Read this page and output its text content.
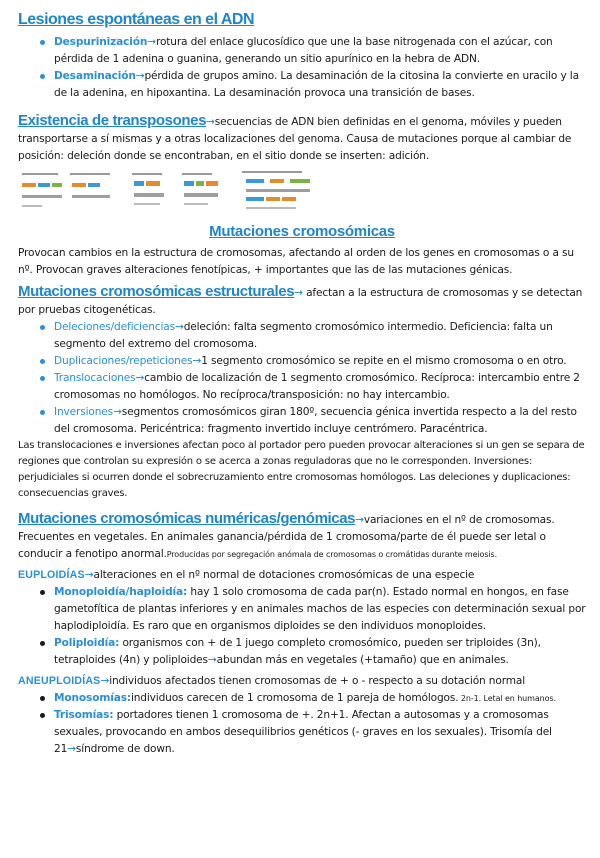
Lesiones espontáneas en el ADN
Despurinización→rotura del enlace glucosídico que une la base nitrogenada con el azúcar, con pérdida de 1 adenina o guanina, generando un sitio apurínico en la hebra de ADN.
Desaminación→pérdida de grupos amino. La desaminación de la citosina la convierte en uracilo y la de la adenina, en hipoxantina. La desaminación provoca una transición de bases.

Existencia de transposones→secuencias de ADN bien definidas en el genoma, móviles y pueden transportarse a sí mismas y a otras localizaciones del genoma. Causa de mutaciones porque al cambiar de posición: deleción donde se encontraban, en el sitio donde se inserten: adición.

Mutaciones cromosómicas

Provocan cambios en la estructura de cromosomas, afectando al orden de los genes en cromosomas o a su nº. Provocan graves alteraciones fenotípicas, + importantes que las de las mutaciones génicas.

Mutaciones cromosómicas estructurales→ afectan a la estructura de cromosomas y se detectan por pruebas citogenéticas.

Deleciones/deficiencias→deleción: falta segmento cromosómico intermedio. Deficiencia: falta un segmento del extremo del cromosoma.
Duplicaciones/repeticiones→1 segmento cromosómico se repite en el mismo cromosoma o en otro.
Translocaciones→cambio de localización de 1 segmento cromosómico. Recíproca: intercambio entre 2 cromosomas no homólogos. No recíproca/transposición: no hay intercambio.
Inversiones→segmentos cromosómicos giran 180º, secuencia génica invertida respecto a la del resto del cromosoma. Pericéntrica: fragmento invertido incluye centrómero. Paracéntrica.

Las translocaciones e inversiones afectan poco al portador pero pueden provocar alteraciones si un gen se separa de regiones que controlan su expresión o se acerca a zonas reguladoras que no le corresponden. Inversiones: perjudiciales si ocurren donde el sobrecruzamiento entre cromosomas homólogos. Las deleciones y duplicaciones: consecuencias graves.

Mutaciones cromosómicas numéricas/genómicas→variaciones en el nº de cromosomas.

Frecuentes en vegetales. En animales ganancia/pérdida de 1 cromosoma/parte de él puede ser letal o conducir a fenotipo anormal.Producidas por segregación anómala de cromosomas o cromátidas durante meiosis.

EUPLOIDÍAS→alteraciones en el nº normal de dotaciones cromosómicas de una especie

Monoploidía/haploidía: hay 1 solo cromosoma de cada par(n). Estado normal en hongos, en fase gametofítica de plantas inferiores y en animales machos de las especies con determinación sexual por haplodiploidía. Es raro que en organismos diploides se den individuos monoploides.
Poliploidía: organismos con + de 1 juego completo cromosómico, pueden ser triploides (3n), tetraploides (4n) y poliploides→abundan más en vegetales (+tamaño) que en animales.

ANEUPLOIDÍAS→individuos afectados tienen cromosomas de + o - respecto a su dotación normal

Monosomías:individuos carecen de 1 cromosoma de 1 pareja de homólogos. 2n-1. Letal en humanos.
Trisomías: portadores tienen 1 cromosoma de +. 2n+1. Afectan a autosomas y a cromosomas sexuales, provocando en ambos desequilibrios genéticos (- graves en los sexuales). Trisomía del 21→síndrome de down.
